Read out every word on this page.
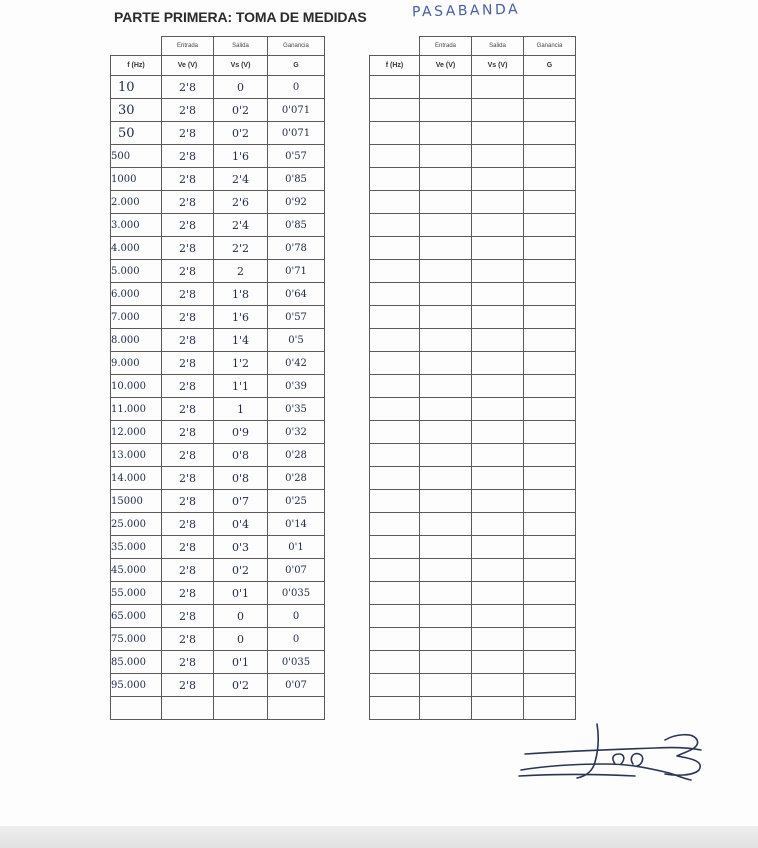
PARTE PRIMERA: TOMA DE MEDIDAS	PASABANDA
	Entrada	Salida	Ganancia
f (Hz)	Ve (V)	Vs (V)	G
10	2'8	0	0
30	2'8	0'2	0'071
50	2'8	0'2	0'071
500	2'8	1'6	0'57
1000	2'8	2'4	0'85
2.000	2'8	2'6	0'92
3.000	2'8	2'4	0'85
4.000	2'8	2'2	0'78
5.000	2'8	2	0'71
6.000	2'8	1'8	0'64
7.000	2'8	1'6	0'57
8.000	2'8	1'4	0'5
9.000	2'8	1'2	0'42
10.000	2'8	1'1	0'39
11.000	2'8	1	0'35
12.000	2'8	0'9	0'32
13.000	2'8	0'8	0'28
14.000	2'8	0'8	0'28
15000	2'8	0'7	0'25
25.000	2'8	0'4	0'14
35.000	2'8	0'3	0'1
45.000	2'8	0'2	0'07
55.000	2'8	0'1	0'035
65.000	2'8	0	0
75.000	2'8	0	0
85.000	2'8	0'1	0'035
95.000	2'8	0'2	0'07

	Entrada	Salida	Ganancia
f (Hz)	Ve (V)	Vs (V)	G
